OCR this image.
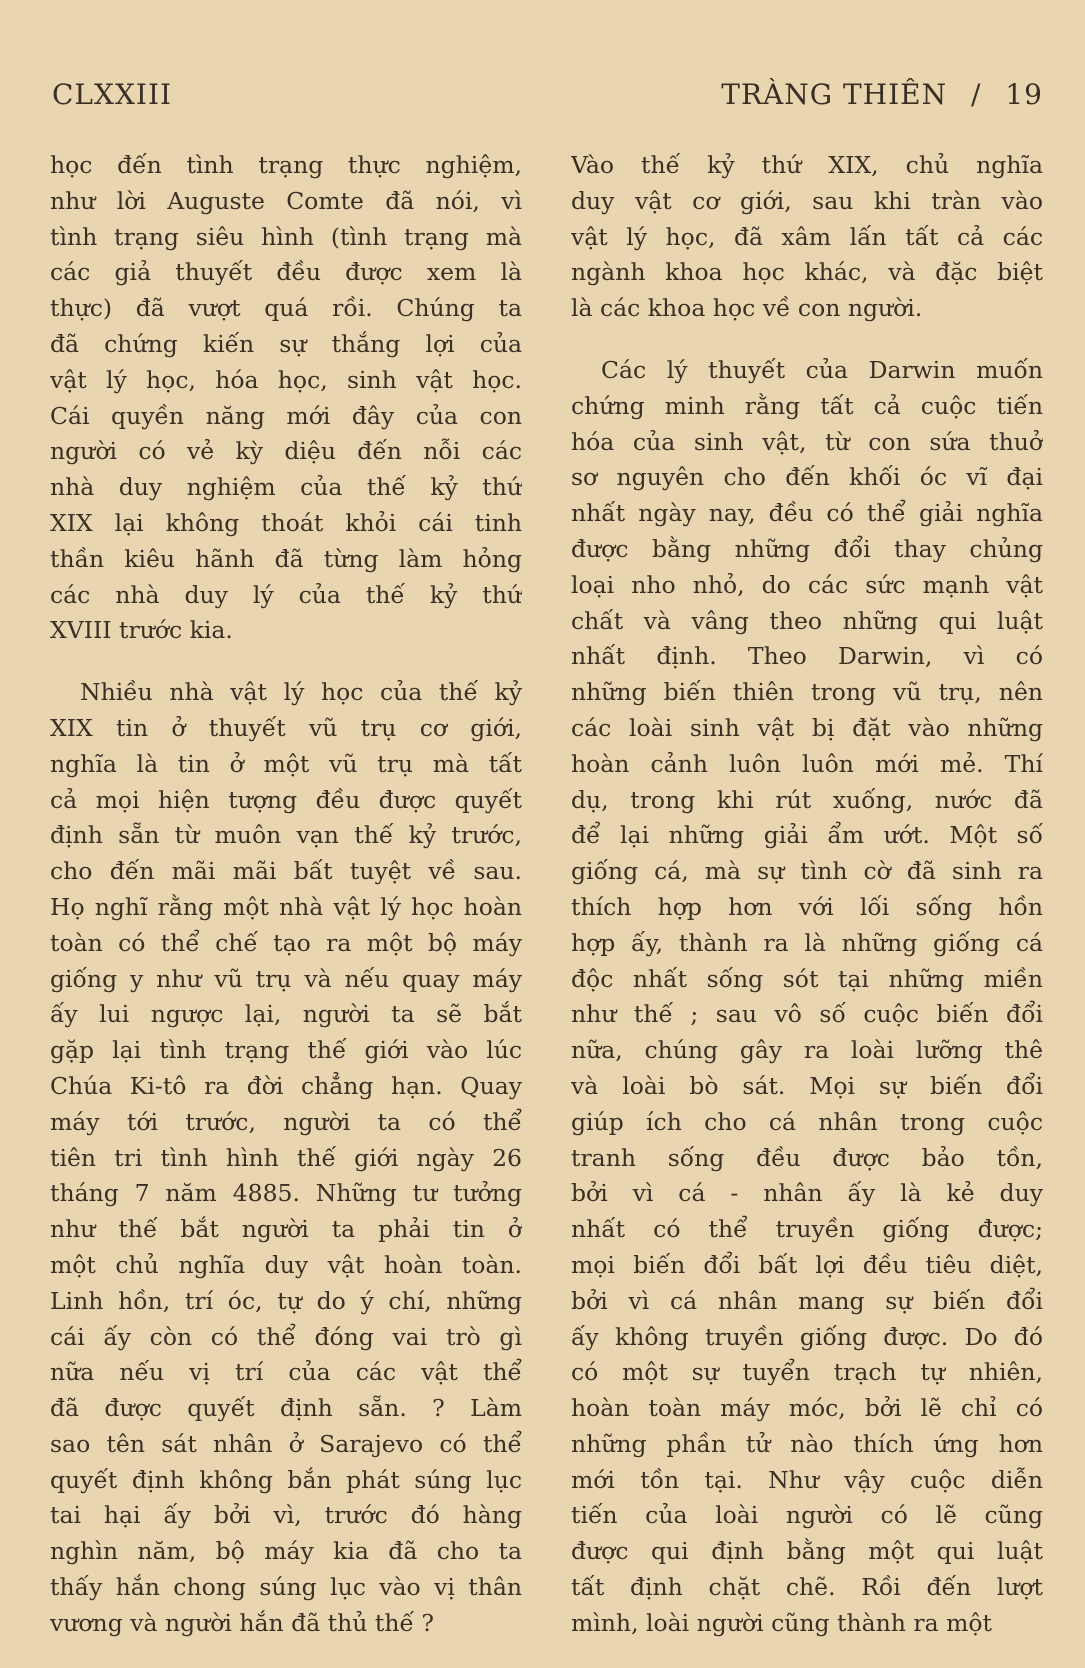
CLXXIII	TRÀNG THIÊN / 19
học đến tình trạng thực nghiệm,
như lời Auguste Comte đã nói, vì
tình trạng siêu hình (tình trạng mà
các giả thuyết đều được xem là
thực) đã vượt quá rồi. Chúng ta
đã chứng kiến sự thắng lợi của
vật lý học, hóa học, sinh vật học.
Cái quyền năng mới đây của con
người có vẻ kỳ diệu đến nỗi các
nhà duy nghiệm của thế kỷ thứ
XIX lại không thoát khỏi cái tinh
thần kiêu hãnh đã từng làm hỏng
các nhà duy lý của thế kỷ thứ
XVIII trước kia.
Nhiều nhà vật lý học của thế kỷ
XIX tin ở thuyết vũ trụ cơ giới,
nghĩa là tin ở một vũ trụ mà tất
cả mọi hiện tượng đều được quyết
định sẵn từ muôn vạn thế kỷ trước,
cho đến mãi mãi bất tuyệt về sau.
Họ nghĩ rằng một nhà vật lý học hoàn
toàn có thể chế tạo ra một bộ máy
giống y như vũ trụ và nếu quay máy
ấy lui ngược lại, người ta sẽ bắt
gặp lại tình trạng thế giới vào lúc
Chúa Ki-tô ra đời chẳng hạn. Quay
máy tới trước, người ta có thể
tiên tri tình hình thế giới ngày 26
tháng 7 năm 4885. Những tư tưởng
như thế bắt người ta phải tin ở
một chủ nghĩa duy vật hoàn toàn.
Linh hồn, trí óc, tự do ý chí, những
cái ấy còn có thể đóng vai trò gì
nữa nếu vị trí của các vật thể
đã được quyết định sẵn. ? Làm
sao tên sát nhân ở Sarajevo có thể
quyết định không bắn phát súng lục
tai hại ấy bởi vì, trước đó hàng
nghìn năm, bộ máy kia đã cho ta
thấy hắn chong súng lục vào vị thân
vương và người hắn đã thủ thế ?
Vào thế kỷ thứ XIX, chủ nghĩa
duy vật cơ giới, sau khi tràn vào
vật lý học, đã xâm lấn tất cả các
ngành khoa học khác, và đặc biệt
là các khoa học về con người.
Các lý thuyết của Darwin muốn
chứng minh rằng tất cả cuộc tiến
hóa của sinh vật, từ con sứa thuở
sơ nguyên cho đến khối óc vĩ đại
nhất ngày nay, đều có thể giải nghĩa
được bằng những đổi thay chủng
loại nho nhỏ, do các sức mạnh vật
chất và vâng theo những qui luật
nhất định. Theo Darwin, vì có
những biến thiên trong vũ trụ, nên
các loài sinh vật bị đặt vào những
hoàn cảnh luôn luôn mới mẻ. Thí
dụ, trong khi rút xuống, nước đã
để lại những giải ẩm ướt. Một số
giống cá, mà sự tình cờ đã sinh ra
thích hợp hơn với lối sống hồn
hợp ấy, thành ra là những giống cá
độc nhất sống sót tại những miền
như thế ; sau vô số cuộc biến đổi
nữa, chúng gây ra loài lưỡng thê
và loài bò sát. Mọi sự biến đổi
giúp ích cho cá nhân trong cuộc
tranh sống đều được bảo tồn,
bởi vì cá - nhân ấy là kẻ duy
nhất có thể truyền giống được;
mọi biến đổi bất lợi đều tiêu diệt,
bởi vì cá nhân mang sự biến đổi
ấy không truyền giống được. Do đó
có một sự tuyển trạch tự nhiên,
hoàn toàn máy móc, bởi lẽ chỉ có
những phần tử nào thích ứng hơn
mới tồn tại. Như vậy cuộc diễn
tiến của loài người có lẽ cũng
được qui định bằng một qui luật
tất định chặt chẽ. Rồi đến lượt
mình, loài người cũng thành ra một
